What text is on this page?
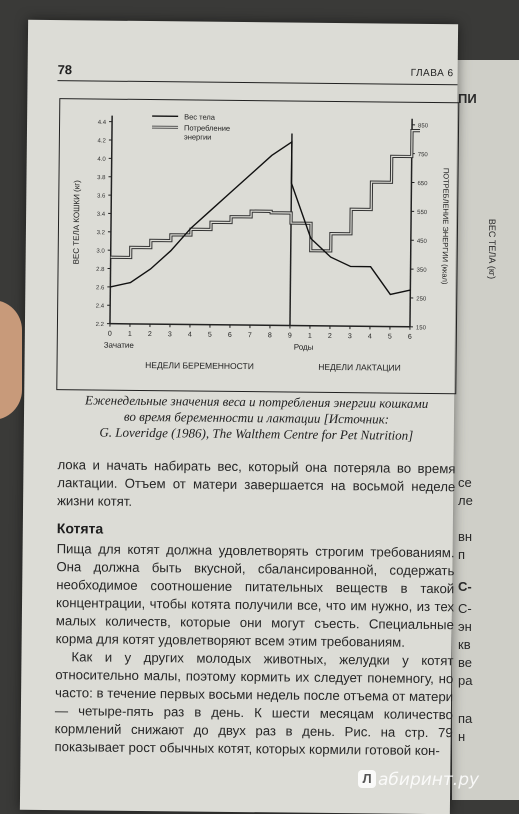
ПИ
ВЕС ТЕЛА (кг)
се
ле
вн
п
С-
С-
эн
кв
ве
ра
па
н
78	ГЛАВА 6
2.2
2.4
2.6
2.8
3.0
3.2
3.4
3.6
3.8
4.0
4.2
4.4
150
250
350
450
550
650
750
850
0 1 2 3 4 5 6 7 8 9 1 2 3 4 5 6
Зачатие	Роды
НЕДЕЛИ БЕРЕМЕННОСТИ	НЕДЕЛИ ЛАКТАЦИИ
ВЕС ТЕЛА КОШКИ (кг)	ПОТРЕБЛЕНИЕ ЭНЕРГИИ (ккал)
Вес тела
Потребление
энергии
Еженедельные значения веса и потребления энергии кошками
во время беременности и лактации [Источник:
G. Loveridge (1986), The Walthem Centre for Pet Nutrition]
лока и начать набирать вес, который она потеряла во время лактации. Отъем от матери завершается на восьмой неделе жизни котят.
Котята
Пища для котят должна удовлетворять строгим требованиям. Она должна быть вкусной, сбалансированной, содержать необходимое соотношение питательных веществ в такой концентрации, чтобы котята получили все, что им нужно, из тех малых количеств, которые они могут съесть. Специальные корма для котят удовлетворяют всем этим требованиям.
Как и у других молодых животных, желудки у котят относительно малы, поэтому кормить их следует понемногу, но часто: в течение первых восьми недель после отъема от матери — четыре-пять раз в день. К шести месяцам количество кормлений снижают до двух раз в день. Рис. на стр. 79 показывает рост обычных котят, которых кормили готовой кон-
Л абиринт.ру
